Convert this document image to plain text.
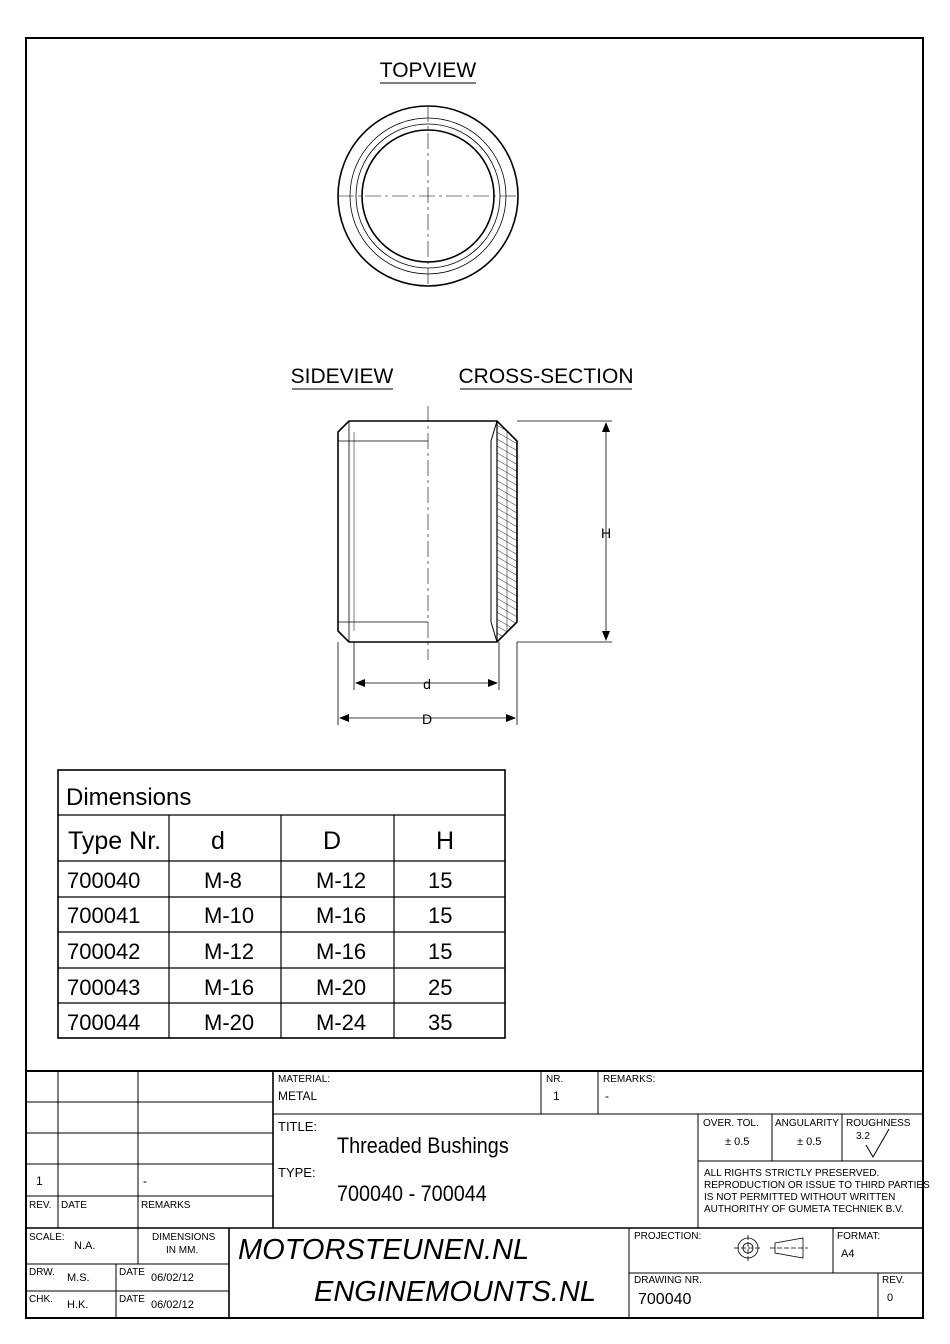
TOPVIEW
SIDEVIEW	CROSS-SECTION
H
d
D
Dimensions
Type Nr. d	D	H
700040	M-8	M-12	15
700041	M-10	M-16	15
700042	M-12	M-16	15
700043	M-16	M-20	25
700044	M-20	M-24	35
1	-
REV. DATE	REMARKS
MATERIAL:
METAL
NR.
1
REMARKS:
-
TITLE:
Threaded Bushings
TYPE:
700040 - 700044
OVER. TOL.
± 0.5
ANGULARITY
± 0.5
ROUGHNESS
3.2
ALL RIGHTS STRICTLY PRESERVED.
REPRODUCTION OR ISSUE TO THIRD PARTIES
IS NOT PERMITTED WITHOUT WRITTEN
AUTHORITHY OF GUMETA TECHNIEK B.V.
SCALE:
N.A.
DIMENSIONS
IN MM.
DRW. M.S.	DATE 06/02/12
CHK. H.K.	DATE 06/02/12
MOTORSTEUNEN.NL
ENGINEMOUNTS.NL
PROJECTION:	FORMAT:
A4
DRAWING NR.
700040
REV.
0
